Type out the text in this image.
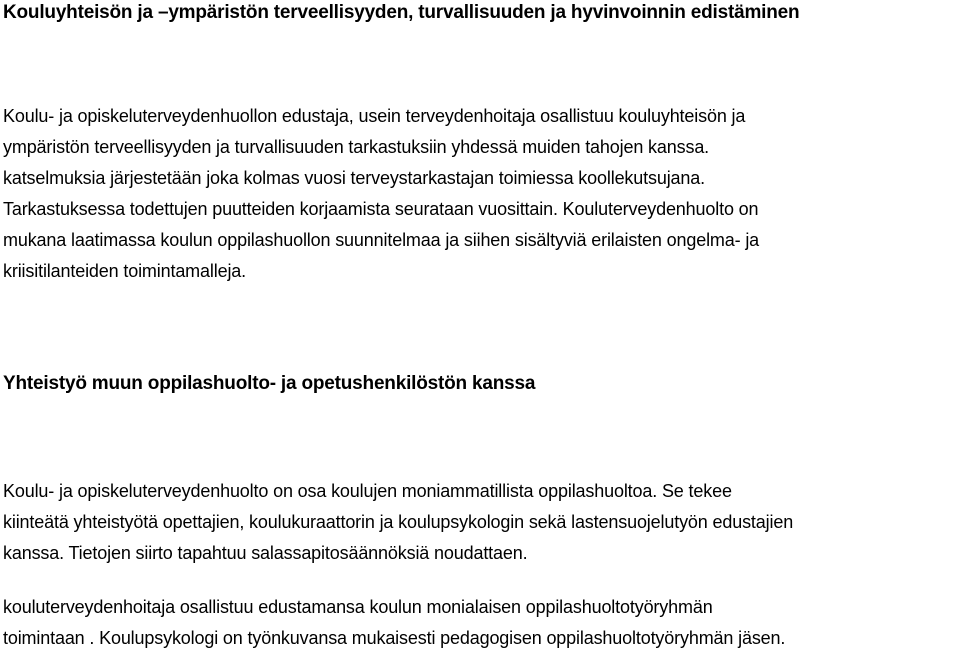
Kouluyhteisön ja –ympäristön terveellisyyden, turvallisuuden ja hyvinvoinnin edistäminen
Koulu- ja opiskeluterveydenhuollon edustaja, usein terveydenhoitaja osallistuu kouluyhteisön ja
ympäristön terveellisyyden ja turvallisuuden tarkastuksiin yhdessä muiden tahojen kanssa.
katselmuksia järjestetään joka kolmas vuosi terveystarkastajan toimiessa koollekutsujana.
Tarkastuksessa todettujen puutteiden korjaamista seurataan vuosittain. Kouluterveydenhuolto on
mukana laatimassa koulun oppilashuollon suunnitelmaa ja siihen sisältyviä erilaisten ongelma- ja
kriisitilanteiden toimintamalleja.
Yhteistyö muun oppilashuolto- ja opetushenkilöstön kanssa
Koulu- ja opiskeluterveydenhuolto on osa koulujen moniammatillista oppilashuoltoa. Se tekee
kiinteätä yhteistyötä opettajien, koulukuraattorin ja koulupsykologin sekä lastensuojelutyön edustajien
kanssa. Tietojen siirto tapahtuu salassapitosäännöksiä noudattaen.
kouluterveydenhoitaja osallistuu edustamansa koulun monialaisen oppilashuoltotyöryhmän
toimintaan . Koulupsykologi on työnkuvansa mukaisesti pedagogisen oppilashuoltotyöryhmän jäsen.
